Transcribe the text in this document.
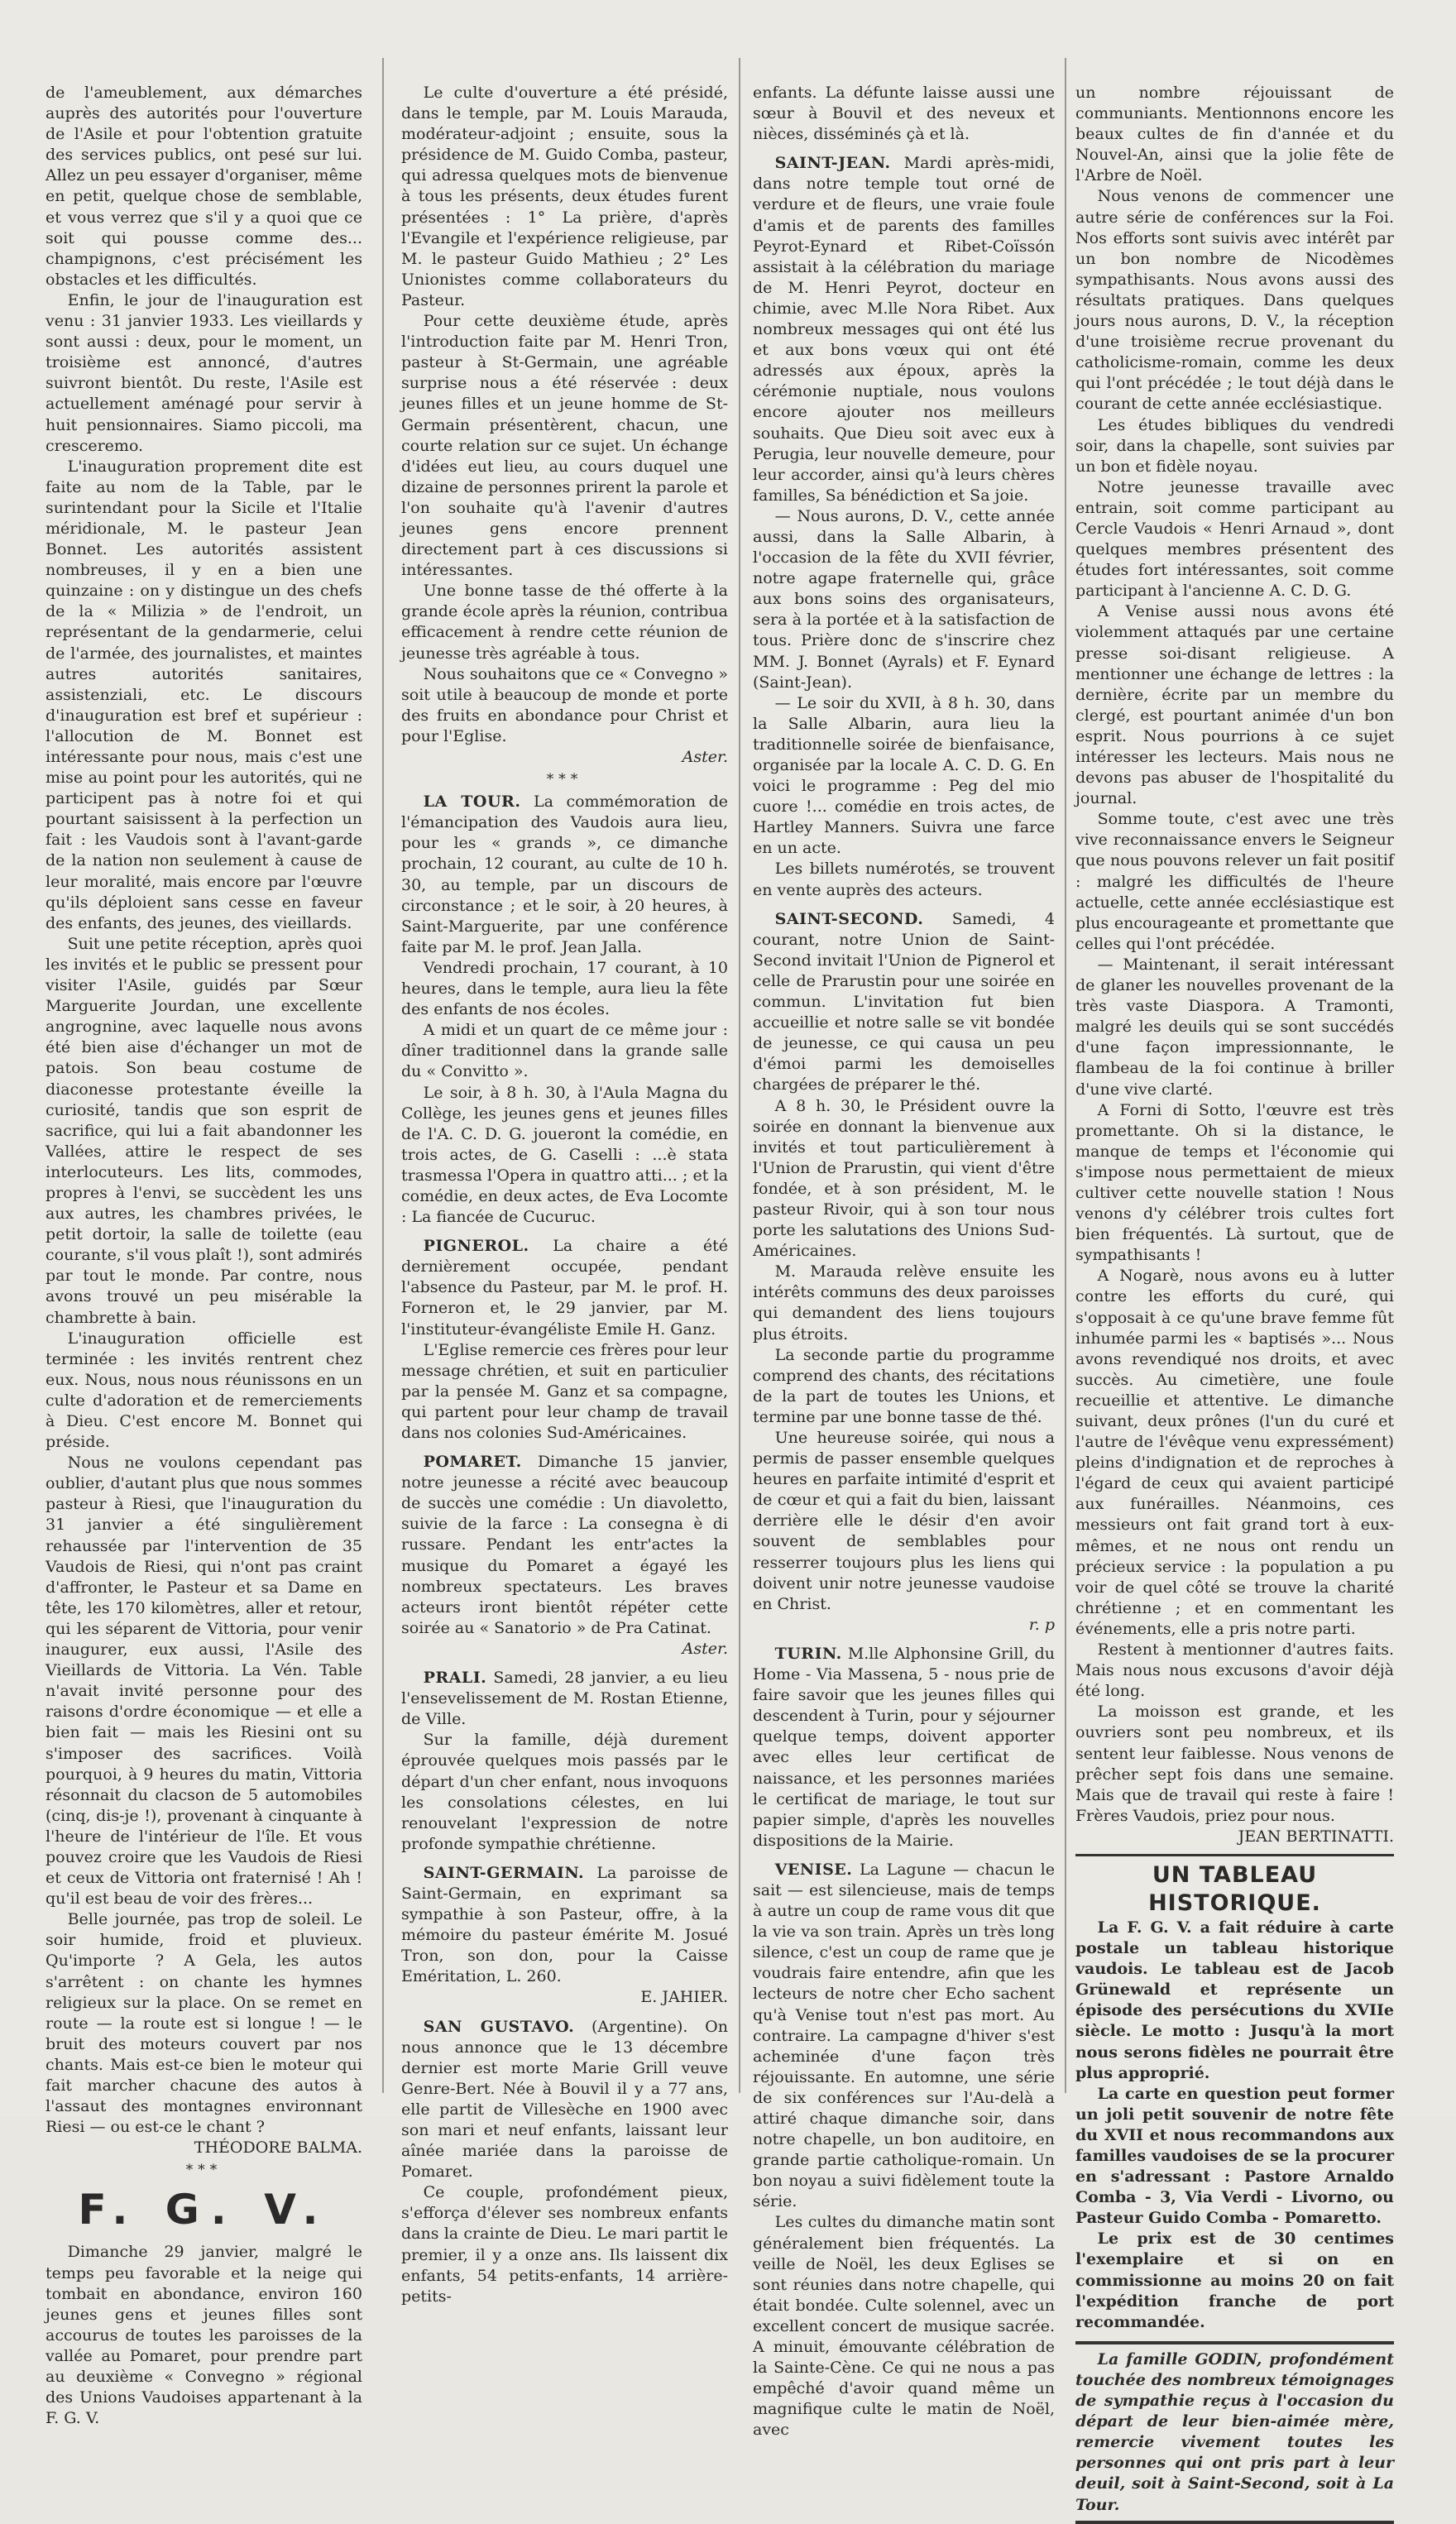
de l'ameublement, aux démarches auprès des autorités pour l'ouverture de l'Asile et pour l'obtention gratuite des services publics, ont pesé sur lui. Allez un peu essayer d'organiser, même en petit, quelque chose de semblable, et vous verrez que s'il y a quoi que ce soit qui pousse comme des... champignons, c'est précisément les obstacles et les difficultés.

Enfin, le jour de l'inauguration est venu : 31 janvier 1933. Les vieillards y sont aussi : deux, pour le moment, un troisième est annoncé, d'autres suivront bientôt. Du reste, l'Asile est actuellement aménagé pour servir à huit pensionnaires. Siamo piccoli, ma cresceremo.

L'inauguration proprement dite est faite au nom de la Table, par le surintendant pour la Sicile et l'Italie méridionale, M. le pasteur Jean Bonnet. Les autorités assistent nombreuses, il y en a bien une quinzaine : on y distingue un des chefs de la « Milizia » de l'endroit, un représentant de la gendarmerie, celui de l'armée, des journalistes, et maintes autres autorités sanitaires, assistenziali, etc. Le discours d'inauguration est bref et supérieur : l'allocution de M. Bonnet est intéressante pour nous, mais c'est une mise au point pour les autorités, qui ne participent pas à notre foi et qui pourtant saisissent à la perfection un fait : les Vaudois sont à l'avant-garde de la nation non seulement à cause de leur moralité, mais encore par l'œuvre qu'ils déploient sans cesse en faveur des enfants, des jeunes, des vieillards.

Suit une petite réception, après quoi les invités et le public se pressent pour visiter l'Asile, guidés par Sœur Marguerite Jourdan, une excellente angrognine, avec laquelle nous avons été bien aise d'échanger un mot de patois. Son beau costume de diaconesse protestante éveille la curiosité, tandis que son esprit de sacrifice, qui lui a fait abandonner les Vallées, attire le respect de ses interlocuteurs. Les lits, commodes, propres à l'envi, se succèdent les uns aux autres, les chambres privées, le petit dortoir, la salle de toilette (eau courante, s'il vous plaît !), sont admirés par tout le monde. Par contre, nous avons trouvé un peu misérable la chambrette à bain.

L'inauguration officielle est terminée : les invités rentrent chez eux. Nous, nous nous réunissons en un culte d'adoration et de remerciements à Dieu. C'est encore M. Bonnet qui préside.

Nous ne voulons cependant pas oublier, d'autant plus que nous sommes pasteur à Riesi, que l'inauguration du 31 janvier a été singulièrement rehaussée par l'intervention de 35 Vaudois de Riesi, qui n'ont pas craint d'affronter, le Pasteur et sa Dame en tête, les 170 kilomètres, aller et retour, qui les séparent de Vittoria, pour venir inaugurer, eux aussi, l'Asile des Vieillards de Vittoria. La Vén. Table n'avait invité personne pour des raisons d'ordre économique — et elle a bien fait — mais les Riesini ont su s'imposer des sacrifices. Voilà pourquoi, à 9 heures du matin, Vittoria résonnait du clacson de 5 automobiles (cinq, dis-je !), provenant à cinquante à l'heure de l'intérieur de l'île. Et vous pouvez croire que les Vaudois de Riesi et ceux de Vittoria ont fraternisé ! Ah ! qu'il est beau de voir des frères...

Belle journée, pas trop de soleil. Le soir humide, froid et pluvieux. Qu'importe ? A Gela, les autos s'arrêtent : on chante les hymnes religieux sur la place. On se remet en route — la route est si longue ! — le bruit des moteurs couvert par nos chants. Mais est-ce bien le moteur qui fait marcher chacune des autos à l'assaut des montagnes environnant Riesi — ou est-ce le chant ?

THÉODORE BALMA.

***
F. G. V.

Dimanche 29 janvier, malgré le temps peu favorable et la neige qui tombait en abondance, environ 160 jeunes gens et jeunes filles sont accourus de toutes les paroisses de la vallée au Pomaret, pour prendre part au deuxième « Convegno » régional des Unions Vaudoises appartenant à la F. G. V.

Le culte d'ouverture a été présidé, dans le temple, par M. Louis Marauda, modérateur-adjoint ; ensuite, sous la présidence de M. Guido Comba, pasteur, qui adressa quelques mots de bienvenue à tous les présents, deux études furent présentées : 1° La prière, d'après l'Evangile et l'expérience religieuse, par M. le pasteur Guido Mathieu ; 2° Les Unionistes comme collaborateurs du Pasteur.

Pour cette deuxième étude, après l'introduction faite par M. Henri Tron, pasteur à St-Germain, une agréable surprise nous a été réservée : deux jeunes filles et un jeune homme de St-Germain présentèrent, chacun, une courte relation sur ce sujet. Un échange d'idées eut lieu, au cours duquel une dizaine de personnes prirent la parole et l'on souhaite qu'à l'avenir d'autres jeunes gens encore prennent directement part à ces discussions si intéressantes.

Une bonne tasse de thé offerte à la grande école après la réunion, contribua efficacement à rendre cette réunion de jeunesse très agréable à tous.

Nous souhaitons que ce « Convegno » soit utile à beaucoup de monde et porte des fruits en abondance pour Christ et pour l'Eglise.

Aster.

***

LA TOUR. La commémoration de l'émancipation des Vaudois aura lieu, pour les « grands », ce dimanche prochain, 12 courant, au culte de 10 h. 30, au temple, par un discours de circonstance ; et le soir, à 20 heures, à Saint-Marguerite, par une conférence faite par M. le prof. Jean Jalla.

Vendredi prochain, 17 courant, à 10 heures, dans le temple, aura lieu la fête des enfants de nos écoles.

A midi et un quart de ce même jour : dîner traditionnel dans la grande salle du « Convitto ».

Le soir, à 8 h. 30, à l'Aula Magna du Collège, les jeunes gens et jeunes filles de l'A. C. D. G. joueront la comédie, en trois actes, de G. Caselli : ...è stata trasmessa l'Opera in quattro atti... ; et la comédie, en deux actes, de Eva Locomte : La fiancée de Cucuruc.

PIGNEROL. La chaire a été dernièrement occupée, pendant l'absence du Pasteur, par M. le prof. H. Forneron et, le 29 janvier, par M. l'instituteur-évangéliste Emile H. Ganz.

L'Eglise remercie ces frères pour leur message chrétien, et suit en particulier par la pensée M. Ganz et sa compagne, qui partent pour leur champ de travail dans nos colonies Sud-Américaines.

POMARET. Dimanche 15 janvier, notre jeunesse a récité avec beaucoup de succès une comédie : Un diavoletto, suivie de la farce : La consegna è di russare. Pendant les entr'actes la musique du Pomaret a égayé les nombreux spectateurs. Les braves acteurs iront bientôt répéter cette soirée au « Sanatorio » de Pra Catinat.

Aster.

PRALI. Samedi, 28 janvier, a eu lieu l'ensevelissement de M. Rostan Etienne, de Ville.

Sur la famille, déjà durement éprouvée quelques mois passés par le départ d'un cher enfant, nous invoquons les consolations célestes, en lui renouvelant l'expression de notre profonde sympathie chrétienne.

SAINT-GERMAIN. La paroisse de Saint-Germain, en exprimant sa sympathie à son Pasteur, offre, à la mémoire du pasteur émérite M. Josué Tron, son don, pour la Caisse Eméritation, L. 260.

E. JAHIER.

SAN GUSTAVO. (Argentine). On nous annonce que le 13 décembre dernier est morte Marie Grill veuve Genre-Bert. Née à Bouvil il y a 77 ans, elle partit de Villesèche en 1900 avec son mari et neuf enfants, laissant leur aînée mariée dans la paroisse de Pomaret.

Ce couple, profondément pieux, s'efforça d'élever ses nombreux enfants dans la crainte de Dieu. Le mari partit le premier, il y a onze ans. Ils laissent dix enfants, 54 petits-enfants, 14 arrière-petits-

enfants. La défunte laisse aussi une sœur à Bouvil et des neveux et nièces, disséminés çà et là.

SAINT-JEAN. Mardi après-midi, dans notre temple tout orné de verdure et de fleurs, une vraie foule d'amis et de parents des familles Peyrot-Eynard et Ribet-Coïssón assistait à la célébration du mariage de M. Henri Peyrot, docteur en chimie, avec M.lle Nora Ribet. Aux nombreux messages qui ont été lus et aux bons vœux qui ont été adressés aux époux, après la cérémonie nuptiale, nous voulons encore ajouter nos meilleurs souhaits. Que Dieu soit avec eux à Perugia, leur nouvelle demeure, pour leur accorder, ainsi qu'à leurs chères familles, Sa bénédiction et Sa joie.

— Nous aurons, D. V., cette année aussi, dans la Salle Albarin, à l'occasion de la fête du XVII février, notre agape fraternelle qui, grâce aux bons soins des organisateurs, sera à la portée et à la satisfaction de tous. Prière donc de s'inscrire chez MM. J. Bonnet (Ayrals) et F. Eynard (Saint-Jean).

— Le soir du XVII, à 8 h. 30, dans la Salle Albarin, aura lieu la traditionnelle soirée de bienfaisance, organisée par la locale A. C. D. G. En voici le programme : Peg del mio cuore !... comédie en trois actes, de Hartley Manners. Suivra une farce en un acte.

Les billets numérotés, se trouvent en vente auprès des acteurs.

SAINT-SECOND. Samedi, 4 courant, notre Union de Saint-Second invitait l'Union de Pignerol et celle de Prarustin pour une soirée en commun. L'invitation fut bien accueillie et notre salle se vit bondée de jeunesse, ce qui causa un peu d'émoi parmi les demoiselles chargées de préparer le thé.

A 8 h. 30, le Président ouvre la soirée en donnant la bienvenue aux invités et tout particulièrement à l'Union de Prarustin, qui vient d'être fondée, et à son président, M. le pasteur Rivoir, qui à son tour nous porte les salutations des Unions Sud-Américaines.

M. Marauda relève ensuite les intérêts communs des deux paroisses qui demandent des liens toujours plus étroits.

La seconde partie du programme comprend des chants, des récitations de la part de toutes les Unions, et termine par une bonne tasse de thé.

Une heureuse soirée, qui nous a permis de passer ensemble quelques heures en parfaite intimité d'esprit et de cœur et qui a fait du bien, laissant derrière elle le désir d'en avoir souvent de semblables pour resserrer toujours plus les liens qui doivent unir notre jeunesse vaudoise en Christ.

r. p

TURIN. M.lle Alphonsine Grill, du Home - Via Massena, 5 - nous prie de faire savoir que les jeunes filles qui descendent à Turin, pour y séjourner quelque temps, doivent apporter avec elles leur certificat de naissance, et les personnes mariées le certificat de mariage, le tout sur papier simple, d'après les nouvelles dispositions de la Mairie.

VENISE. La Lagune — chacun le sait — est silencieuse, mais de temps à autre un coup de rame vous dit que la vie va son train. Après un très long silence, c'est un coup de rame que je voudrais faire entendre, afin que les lecteurs de notre cher Echo sachent qu'à Venise tout n'est pas mort. Au contraire. La campagne d'hiver s'est acheminée d'une façon très réjouissante. En automne, une série de six conférences sur l'Au-delà a attiré chaque dimanche soir, dans notre chapelle, un bon auditoire, en grande partie catholique-romain. Un bon noyau a suivi fidèlement toute la série.

Les cultes du dimanche matin sont généralement bien fréquentés. La veille de Noël, les deux Eglises se sont réunies dans notre chapelle, qui était bondée. Culte solennel, avec un excellent concert de musique sacrée. A minuit, émouvante célébration de la Sainte-Cène. Ce qui ne nous a pas empêché d'avoir quand même un magnifique culte le matin de Noël, avec

un nombre réjouissant de communiants. Mentionnons encore les beaux cultes de fin d'année et du Nouvel-An, ainsi que la jolie fête de l'Arbre de Noël.

Nous venons de commencer une autre série de conférences sur la Foi. Nos efforts sont suivis avec intérêt par un bon nombre de Nicodèmes sympathisants. Nous avons aussi des résultats pratiques. Dans quelques jours nous aurons, D. V., la réception d'une troisième recrue provenant du catholicisme-romain, comme les deux qui l'ont précédée ; le tout déjà dans le courant de cette année ecclésiastique.

Les études bibliques du vendredi soir, dans la chapelle, sont suivies par un bon et fidèle noyau.

Notre jeunesse travaille avec entrain, soit comme participant au Cercle Vaudois « Henri Arnaud », dont quelques membres présentent des études fort intéressantes, soit comme participant à l'ancienne A. C. D. G.

A Venise aussi nous avons été violemment attaqués par une certaine presse soi-disant religieuse. A mentionner une échange de lettres : la dernière, écrite par un membre du clergé, est pourtant animée d'un bon esprit. Nous pourrions à ce sujet intéresser les lecteurs. Mais nous ne devons pas abuser de l'hospitalité du journal.

Somme toute, c'est avec une très vive reconnaissance envers le Seigneur que nous pouvons relever un fait positif : malgré les difficultés de l'heure actuelle, cette année ecclésiastique est plus encourageante et promettante que celles qui l'ont précédée.

— Maintenant, il serait intéressant de glaner les nouvelles provenant de la très vaste Diaspora. A Tramonti, malgré les deuils qui se sont succédés d'une façon impressionnante, le flambeau de la foi continue à briller d'une vive clarté.

A Forni di Sotto, l'œuvre est très promettante. Oh si la distance, le manque de temps et l'économie qui s'impose nous permettaient de mieux cultiver cette nouvelle station ! Nous venons d'y célébrer trois cultes fort bien fréquentés. Là surtout, que de sympathisants !

A Nogarè, nous avons eu à lutter contre les efforts du curé, qui s'opposait à ce qu'une brave femme fût inhumée parmi les « baptisés »... Nous avons revendiqué nos droits, et avec succès. Au cimetière, une foule recueillie et attentive. Le dimanche suivant, deux prônes (l'un du curé et l'autre de l'évêque venu expressément) pleins d'indignation et de reproches à l'égard de ceux qui avaient participé aux funérailles. Néanmoins, ces messieurs ont fait grand tort à eux-mêmes, et ne nous ont rendu un précieux service : la population a pu voir de quel côté se trouve la charité chrétienne ; et en commentant les événements, elle a pris notre parti.

Restent à mentionner d'autres faits. Mais nous nous excusons d'avoir déjà été long.

La moisson est grande, et les ouvriers sont peu nombreux, et ils sentent leur faiblesse. Nous venons de prêcher sept fois dans une semaine. Mais que de travail qui reste à faire ! Frères Vaudois, priez pour nous.

JEAN BERTINATTI.

UN TABLEAU HISTORIQUE.

La F. G. V. a fait réduire à carte postale un tableau historique vaudois. Le tableau est de Jacob Grünewald et représente un épisode des persécutions du XVIIe siècle. Le motto : Jusqu'à la mort nous serons fidèles ne pourrait être plus approprié.

La carte en question peut former un joli petit souvenir de notre fête du XVII et nous recommandons aux familles vaudoises de se la procurer en s'adressant : Pastore Arnaldo Comba - 3, Via Verdi - Livorno, ou Pasteur Guido Comba - Pomaretto.

Le prix est de 30 centimes l'exemplaire et si on en commissionne au moins 20 on fait l'expédition franche de port recommandée.

La famille GODIN, profondément touchée des nombreux témoignages de sympathie reçus à l'occasion du départ de leur bien-aimée mère, remercie vivement toutes les personnes qui ont pris part à leur deuil, soit à Saint-Second, soit à La Tour.
